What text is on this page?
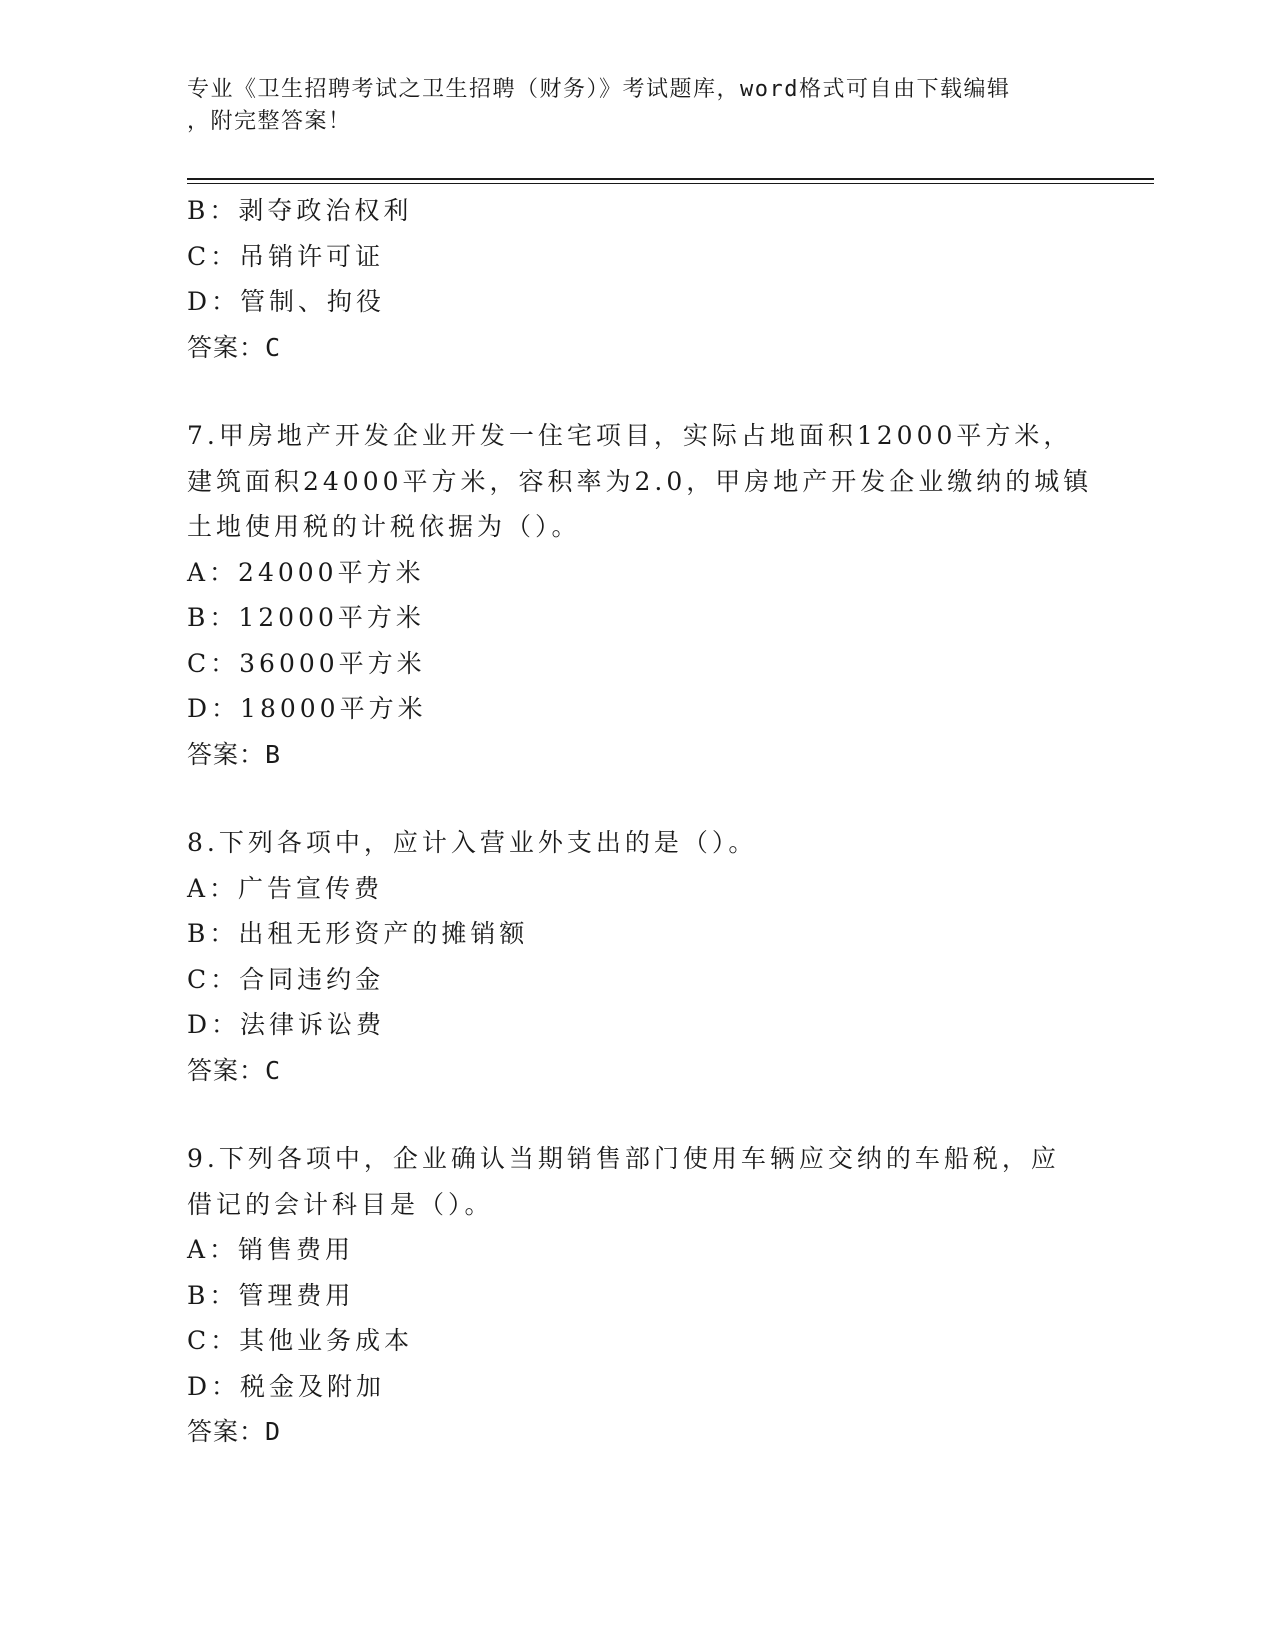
专业《卫生招聘考试之卫生招聘（财务）》考试题库，word格式可自由下载编辑
，附完整答案！
B：剥夺政治权利
C：吊销许可证
D：管制、拘役
答案：C
7.甲房地产开发企业开发一住宅项目，实际占地面积12000平方米，
建筑面积24000平方米，容积率为2.0，甲房地产开发企业缴纳的城镇
土地使用税的计税依据为（）。
A：24000平方米
B：12000平方米
C：36000平方米
D：18000平方米
答案：B
8.下列各项中，应计入营业外支出的是（）。
A：广告宣传费
B：出租无形资产的摊销额
C：合同违约金
D：法律诉讼费
答案：C
9.下列各项中，企业确认当期销售部门使用车辆应交纳的车船税，应
借记的会计科目是（）。
A：销售费用
B：管理费用
C：其他业务成本
D：税金及附加
答案：D
